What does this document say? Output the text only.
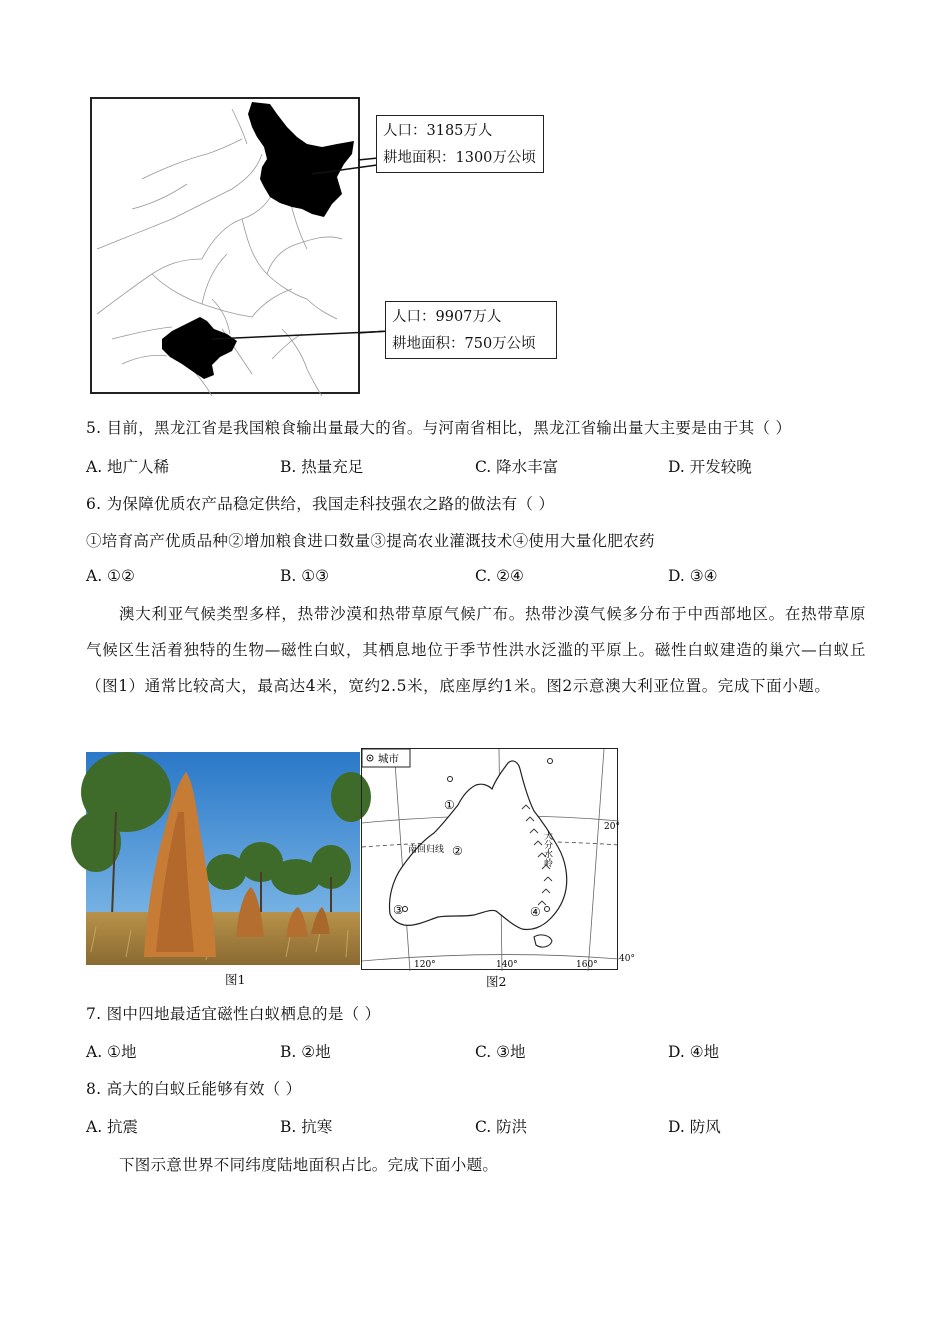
人口：3185万人
耕地面积：1300万公顷
人口：9907万人
耕地面积：750万公顷
5. 目前，黑龙江省是我国粮食输出量最大的省。与河南省相比，黑龙江省输出量大主要是由于其（ ）
A. 地广人稀	B. 热量充足	C. 降水丰富	D. 开发较晚
6. 为保障优质农产品稳定供给，我国走科技强农之路的做法有（ ）
①培育高产优质品种②增加粮食进口数量③提高农业灌溉技术④使用大量化肥农药
A. ①②	B. ①③	C. ②④	D. ③④
澳大利亚气候类型多样，热带沙漠和热带草原气候广布。热带沙漠气候多分布于中西部地区。在热带草原气候区生活着独特的生物—磁性白蚁，其栖息地位于季节性洪水泛滥的平原上。磁性白蚁建造的巢穴—白蚁丘（图1）通常比较高大，最高达4米，宽约2.5米，底座厚约1米。图2示意澳大利亚位置。完成下面小题。
图1
城市
①
②
③	④
南回归线	大分水岭
20°
120°	140°	160°
40°
图2
7. 图中四地最适宜磁性白蚁栖息的是（ ）
A. ①地	B. ②地	C. ③地	D. ④地
8. 高大的白蚁丘能够有效（ ）
A. 抗震	B. 抗寒	C. 防洪	D. 防风
下图示意世界不同纬度陆地面积占比。完成下面小题。
